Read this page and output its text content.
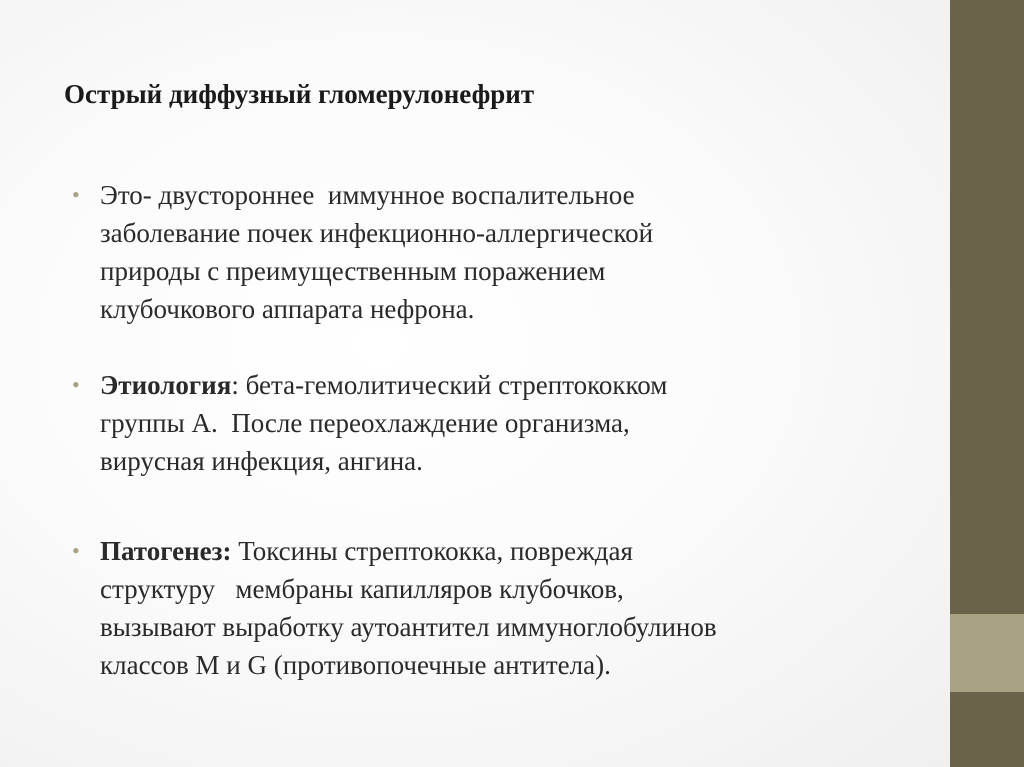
Острый диффузный гломерулонефрит
• Это- двустороннее  иммунное воспалительное
заболевание почек инфекционно-аллергической
природы с преимущественным поражением
клубочкового аппарата нефрона.
• Этиология: бета-гемолитический стрептококком
группы А.  После переохлаждение организма,
вирусная инфекция, ангина.
• Патогенез: Токсины стрептококка, повреждая
структуру   мембраны капилляров клубочков,
вызывают выработку аутоантител иммуноглобулинов
классов M и G (противопочечные антитела).
